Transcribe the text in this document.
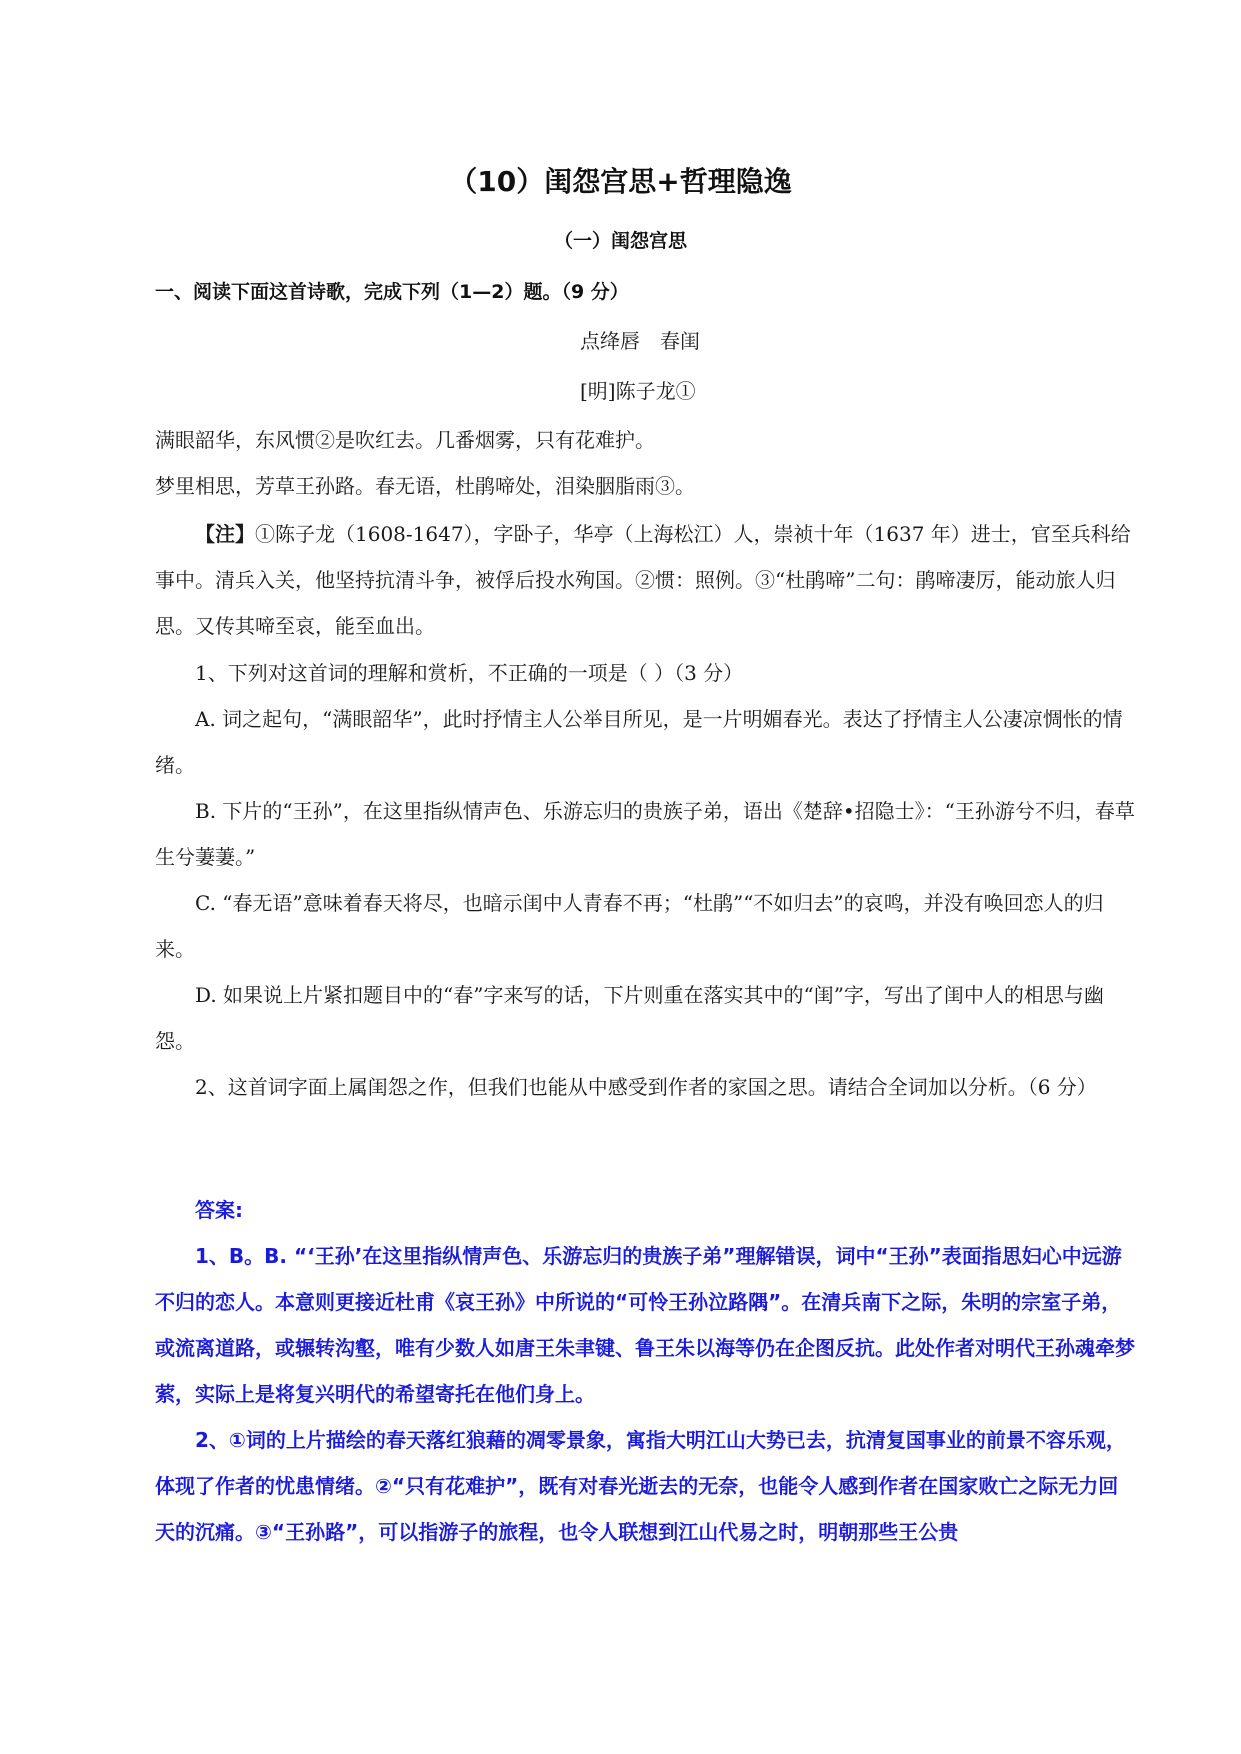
（10）闺怨宫思+哲理隐逸
（一）闺怨宫思
一、阅读下面这首诗歌，完成下列（1—2）题。（9 分）
点绛唇　春闺
[明]陈子龙①

满眼韶华，东风惯②是吹红去。几番烟雾，只有花难护。

梦里相思，芳草王孙路。春无语，杜鹃啼处，泪染胭脂雨③。

【注】①陈子龙（1608-1647），字卧子，华亭（上海松江）人，崇祯十年（1637 年）进士，官至兵科给事中。清兵入关，他坚持抗清斗争，被俘后投水殉国。②惯：照例。③“杜鹃啼”二句：鹃啼凄厉，能动旅人归思。又传其啼至哀，能至血出。

1、下列对这首词的理解和赏析，不正确的一项是（ ）（3 分）

A. 词之起句，“满眼韶华”，此时抒情主人公举目所见，是一片明媚春光。表达了抒情主人公凄凉惆怅的情绪。

B. 下片的“王孙”，在这里指纵情声色、乐游忘归的贵族子弟，语出《楚辞•招隐士》：“王孙游兮不归，春草生兮萋萋。”

C. “春无语”意味着春天将尽，也暗示闺中人青春不再；“杜鹃”“不如归去”的哀鸣，并没有唤回恋人的归来。

D. 如果说上片紧扣题目中的“春”字来写的话，下片则重在落实其中的“闺”字，写出了闺中人的相思与幽怨。

2、这首词字面上属闺怨之作，但我们也能从中感受到作者的家国之思。请结合全词加以分析。（6 分）

答案:

1、B。B. “‘王孙’在这里指纵情声色、乐游忘归的贵族子弟”理解错误，词中“王孙”表面指思妇心中远游不归的恋人。本意则更接近杜甫《哀王孙》中所说的“可怜王孙泣路隅”。在清兵南下之际，朱明的宗室子弟，或流离道路，或辗转沟壑，唯有少数人如唐王朱聿键、鲁王朱以海等仍在企图反抗。此处作者对明代王孙魂牵梦萦，实际上是将复兴明代的希望寄托在他们身上。

2、①词的上片描绘的春天落红狼藉的凋零景象，寓指大明江山大势已去，抗清复国事业的前景不容乐观，体现了作者的忧患情绪。②“只有花难护”，既有对春光逝去的无奈，也能令人感到作者在国家败亡之际无力回天的沉痛。③“王孙路”，可以指游子的旅程，也令人联想到江山代易之时，明朝那些王公贵
